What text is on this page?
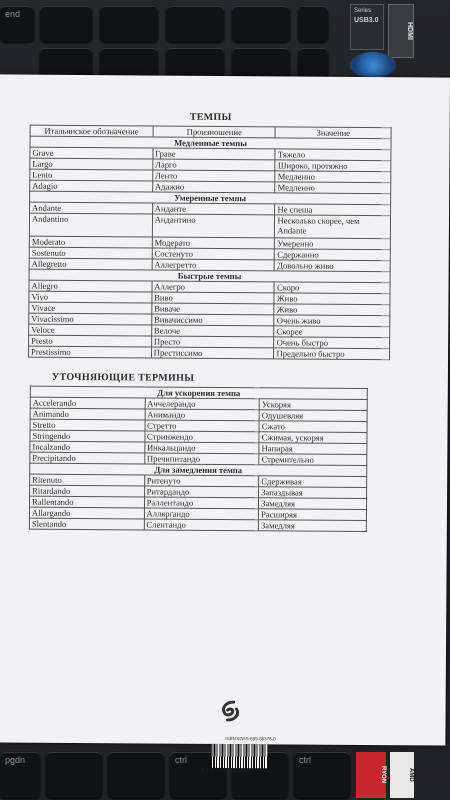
end	Series
USB3.0
HDMI
pgdn	ctrl	ctrl
RYON	AMD
ТЕМПЫ
Итальянское обозначение	Произношение	Значение
Медленные темпы		
Grave	Граве	Тяжело
Largo	Ларго	Широко, протяжно
Lento	Ленто	Медленно
Adagio	Адажио	Медленно
Умеренные темпы		
Andante	Анданте	Не спеша
Andantino	Андантино	Несколько скорее, чем Andante
Moderato	Модерато	Умеренно
Sostenuto	Состенуто	Сдержанно
Allegretto	Аллегретто	Довольно живо
Быстрые темпы		
Allegro	Аллегро	Скоро
Vivo	Виво	Живо
Vivace	Виваче	Живо
Vivacissimo	Вивачиссимо	Очень живо
Veloce	Велоче	Скорее
Presto	Престо	Очень быстро
Prestissimo	Престиссимо	Предельно быстро
УТОЧНЯЮЩИЕ ТЕРМИНЫ
Для ускорения темпа		
Accelerando	Аччелерандо	Ускоряя
Animando	Анимандо	Одушевляя
Stretto	Стретто	Сжато
Stringendo	Стринжендо	Сжимая, ускоряя
Incalzando	Инкальцандо	Напирая
Precipitando	Пречипитандо	Стремительно
Для замедления темпа		
Ritenuto	Ритенуто	Сдерживая
Ritardando	Ритардандо	Запаздывая
Rallentando	Раллентандо	Замедляя
Allargando	Аллярґандо	Расширяя
Slentando	Слентандо	Замедляя
ISBN 978-5-699-88376-0
9 785699 883760 >
